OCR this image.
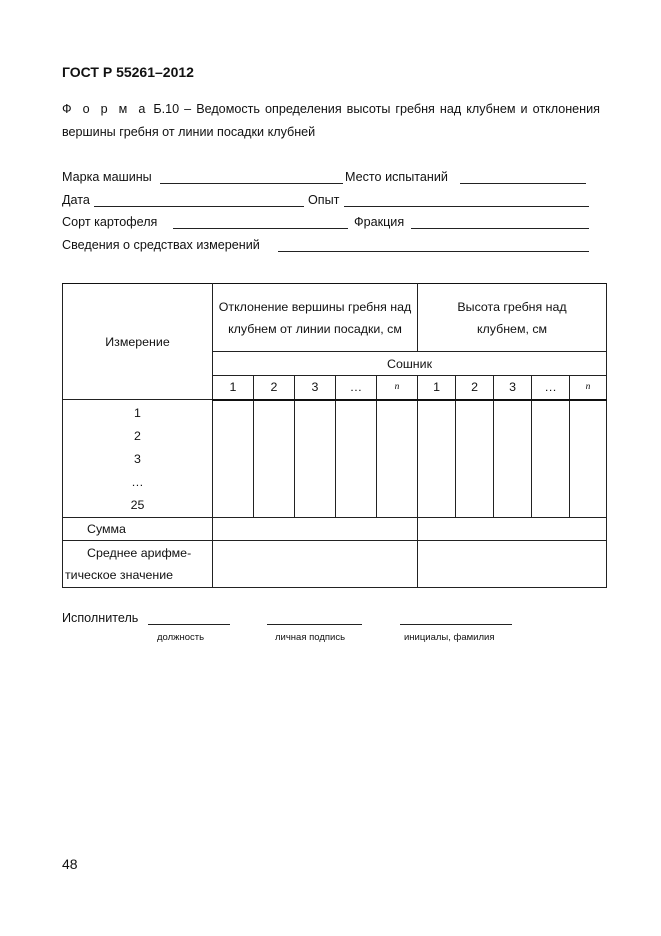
ГОСТ Р 55261–2012
Ф о р м а Б.10 – Ведомость определения высоты гребня над клубнем и отклонения вершины гребня от линии посадки клубней
Марка машины	Место испытаний
Дата	Опыт
Сорт картофеля	Фракция
Сведения о средствах измерений
Измерение	Отклонение вершины гребня над клубнем от линии посадки, см					Высота гребня над клубнем, см				
	Сошник									
	1	2	3	…	n	1	2	3	…	n

1
2
3
…
25										

Сумма										

Среднее арифме-
тическое значение										

Исполнитель
должность	личная подпись	инициалы, фамилия
48
